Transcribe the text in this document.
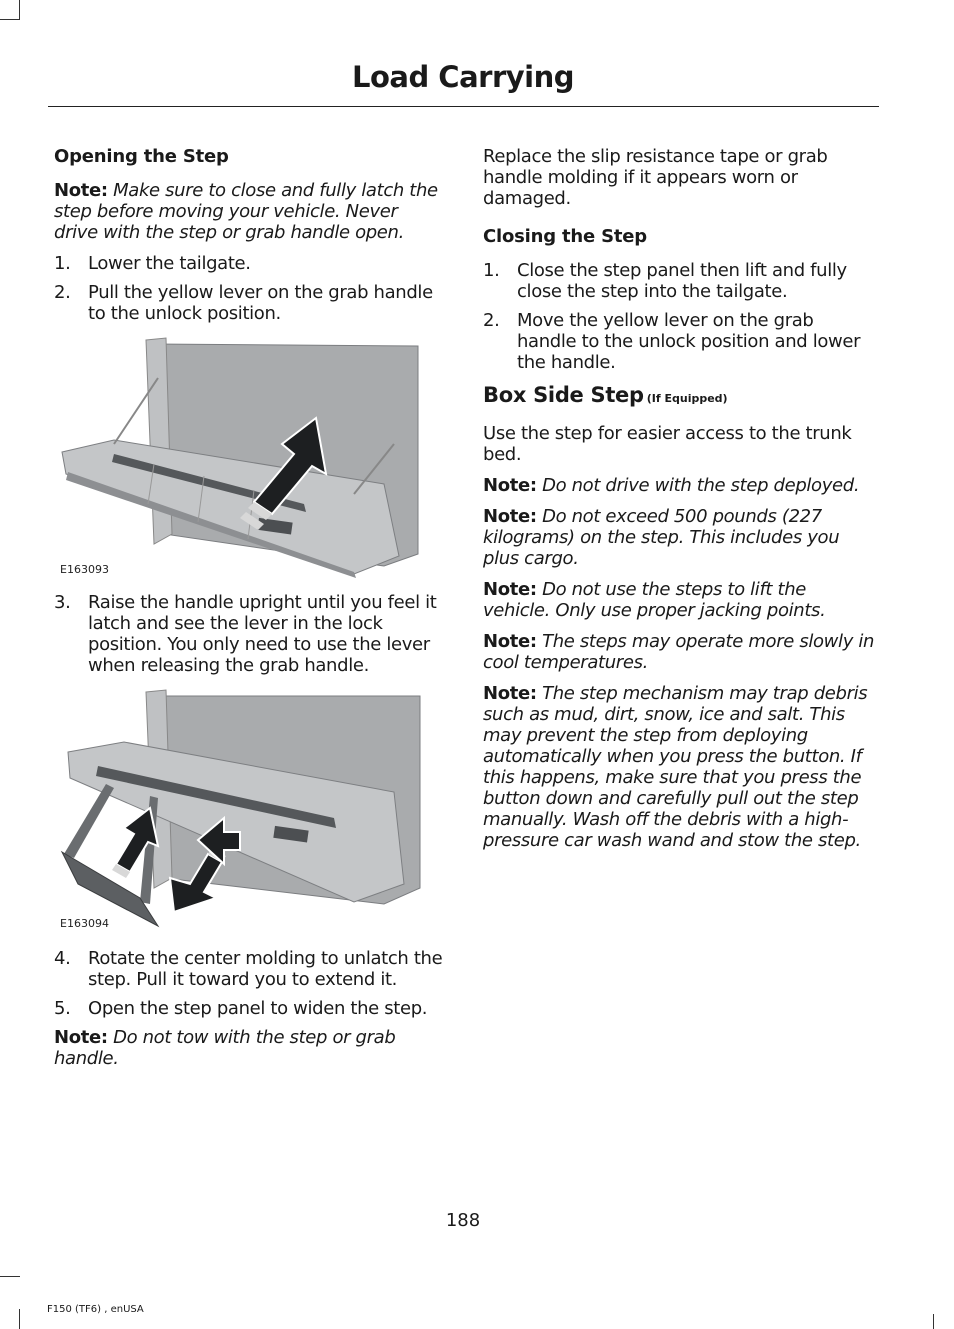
Load Carrying
Opening the Step
Note: Make sure to close and fully latch the step before moving your vehicle. Never drive with the step or grab handle open.
1. Lower the tailgate.
2. Pull the yellow lever on the grab handle to the unlock position.
E163093
3. Raise the handle upright until you feel it latch and see the lever in the lock position. You only need to use the lever when releasing the grab handle.
E163094
4. Rotate the center molding to unlatch the step. Pull it toward you to extend it.
5. Open the step panel to widen the step.
Note: Do not tow with the step or grab handle.
Replace the slip resistance tape or grab handle molding if it appears worn or damaged.
Closing the Step
1. Close the step panel then lift and fully close the step into the tailgate.
2. Move the yellow lever on the grab handle to the unlock position and lower the handle.
Box Side Step (If Equipped)
Use the step for easier access to the trunk bed.
Note: Do not drive with the step deployed.
Note: Do not exceed 500 pounds (227 kilograms) on the step. This includes you plus cargo.
Note: Do not use the steps to lift the vehicle. Only use proper jacking points.
Note: The steps may operate more slowly in cool temperatures.
Note: The step mechanism may trap debris such as mud, dirt, snow, ice and salt. This may prevent the step from deploying automatically when you press the button. If this happens, make sure that you press the button down and carefully pull out the step manually. Wash off the debris with a high-pressure car wash wand and stow the step.
188
F150 (TF6) , enUSA
